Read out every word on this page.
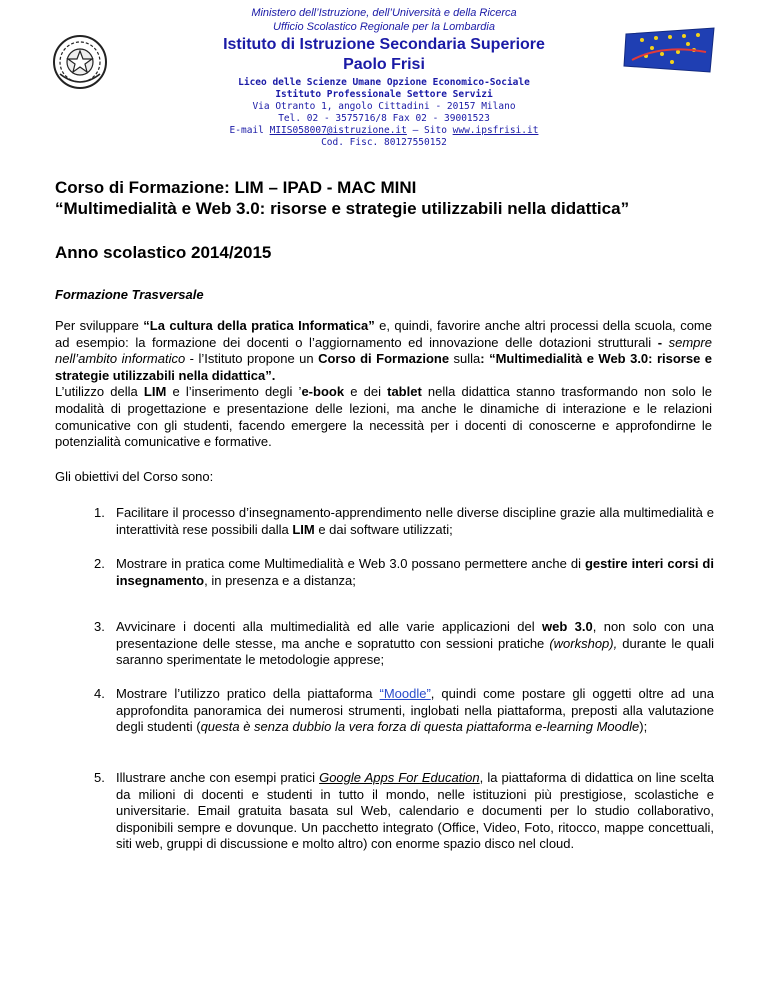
Ministero dell’Istruzione, dell’Università e della Ricerca
Ufficio Scolastico Regionale per la Lombardia
Istituto di Istruzione Secondaria Superiore
Paolo Frisi
Liceo delle Scienze Umane Opzione Economico-Sociale
Istituto Professionale Settore Servizi
Via Otranto 1, angolo Cittadini - 20157 Milano
Tel. 02 - 3575716/8 Fax 02 - 39001523
E-mail MIIS058007@istruzione.it – Sito www.ipsfrisi.it
Cod. Fisc. 80127550152
Corso di Formazione: LIM – IPAD - MAC MINI
“Multimedialità e Web 3.0: risorse e strategie utilizzabili nella didattica”
Anno scolastico 2014/2015
Formazione Trasversale
Per sviluppare “La cultura della pratica Informatica” e, quindi, favorire anche altri processi della scuola, come ad esempio: la formazione dei docenti o l’aggiornamento ed innovazione delle dotazioni strutturali - sempre nell’ambito informatico - l’Istituto propone un Corso di Formazione sulla: “Multimedialità e Web 3.0: risorse e strategie utilizzabili nella didattica”.
L’utilizzo della LIM e l’inserimento degli ’e-book e dei tablet nella didattica stanno trasformando non solo le modalità di progettazione e presentazione delle lezioni, ma anche le dinamiche di interazione e le relazioni comunicative con gli studenti, facendo emergere la necessità per i docenti di conoscerne e approfondirne le potenzialità comunicative e formative.
Gli obiettivi del Corso sono:
1. Facilitare il processo d’insegnamento-apprendimento nelle diverse discipline grazie alla multimedialità e interattività rese possibili dalla LIM e dai software utilizzati;
2. Mostrare in pratica come Multimedialità e Web 3.0 possano permettere anche di gestire interi corsi di insegnamento, in presenza e a distanza;
3. Avvicinare i docenti alla multimedialità ed alle varie applicazioni del web 3.0, non solo con una presentazione delle stesse, ma anche e sopratutto con sessioni pratiche (workshop), durante le quali saranno sperimentate le metodologie apprese;
4. Mostrare l’utilizzo pratico della piattaforma “Moodle”, quindi come postare gli oggetti oltre ad una approfondita panoramica dei numerosi strumenti, inglobati nella piattaforma, preposti alla valutazione degli studenti (questa è senza dubbio la vera forza di questa piattaforma e-learning Moodle);
5. Illustrare anche con esempi pratici Google Apps For Education, la piattaforma di didattica on line scelta da milioni di docenti e studenti in tutto il mondo, nelle istituzioni più prestigiose, scolastiche e universitarie. Email gratuita basata sul Web, calendario e documenti per lo studio collaborativo, disponibili sempre e dovunque. Un pacchetto integrato (Office, Video, Foto, ritocco, mappe concettuali, siti web, gruppi di discussione e molto altro) con enorme spazio disco nel cloud.
